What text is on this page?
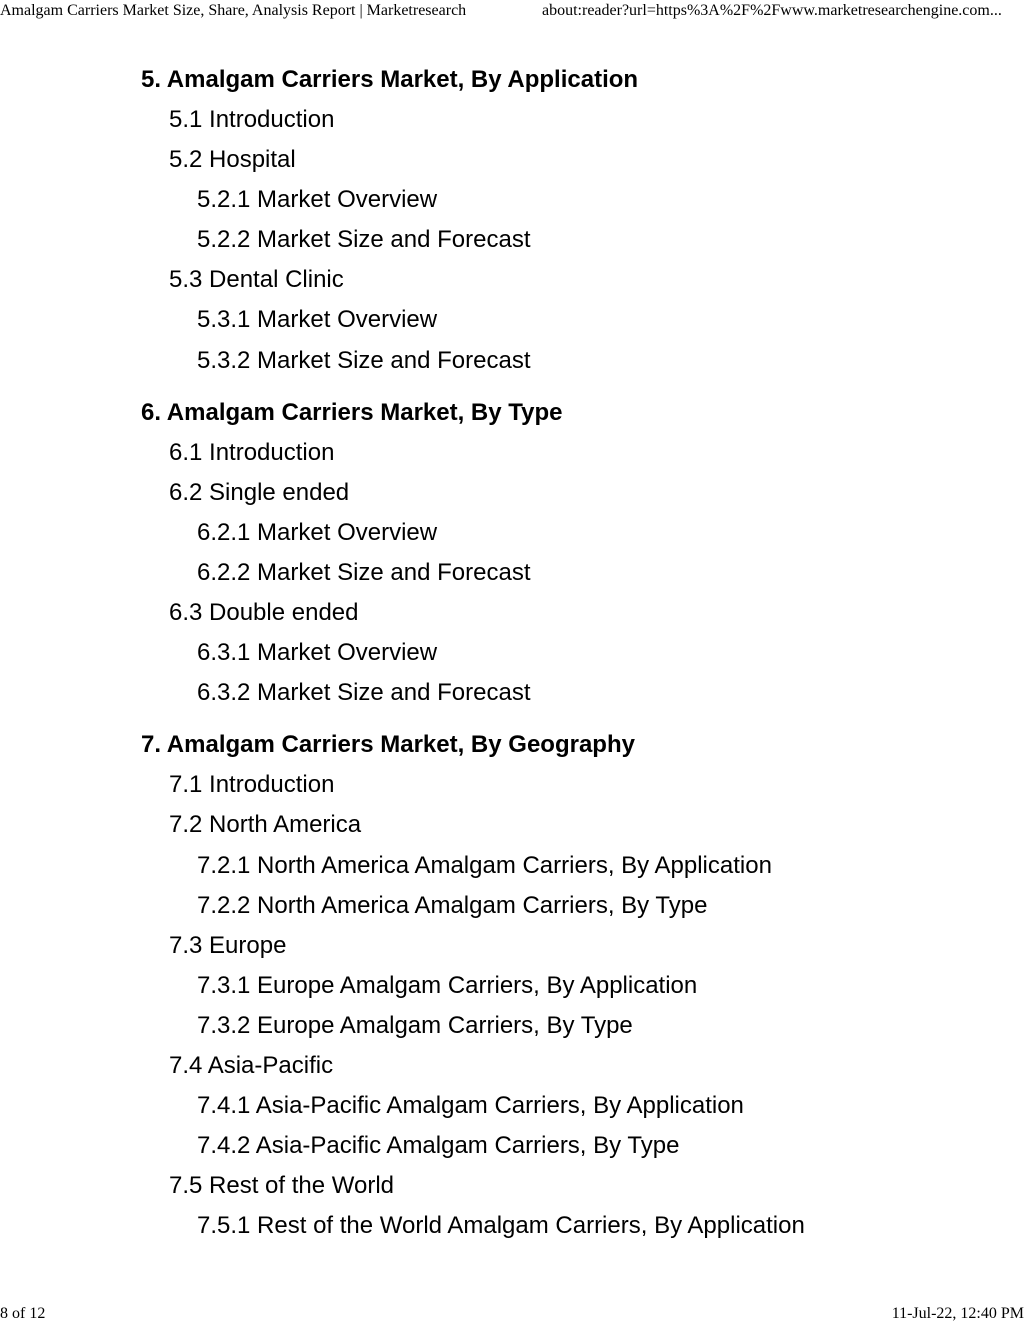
Amalgam Carriers Market Size, Share, Analysis Report | Marketresearch	about:reader?url=https%3A%2F%2Fwww.marketresearchengine.com...
5. Amalgam Carriers Market, By Application
5.1 Introduction
5.2 Hospital
5.2.1 Market Overview
5.2.2 Market Size and Forecast
5.3 Dental Clinic
5.3.1 Market Overview
5.3.2 Market Size and Forecast
6. Amalgam Carriers Market, By Type
6.1 Introduction
6.2 Single ended
6.2.1 Market Overview
6.2.2 Market Size and Forecast
6.3 Double ended
6.3.1 Market Overview
6.3.2 Market Size and Forecast
7. Amalgam Carriers Market, By Geography
7.1 Introduction
7.2 North America
7.2.1 North America Amalgam Carriers, By Application
7.2.2 North America Amalgam Carriers, By Type
7.3 Europe
7.3.1 Europe Amalgam Carriers, By Application
7.3.2 Europe Amalgam Carriers, By Type
7.4 Asia-Pacific
7.4.1 Asia-Pacific Amalgam Carriers, By Application
7.4.2 Asia-Pacific Amalgam Carriers, By Type
7.5 Rest of the World
7.5.1 Rest of the World Amalgam Carriers, By Application
8 of 12	11-Jul-22, 12:40 PM
